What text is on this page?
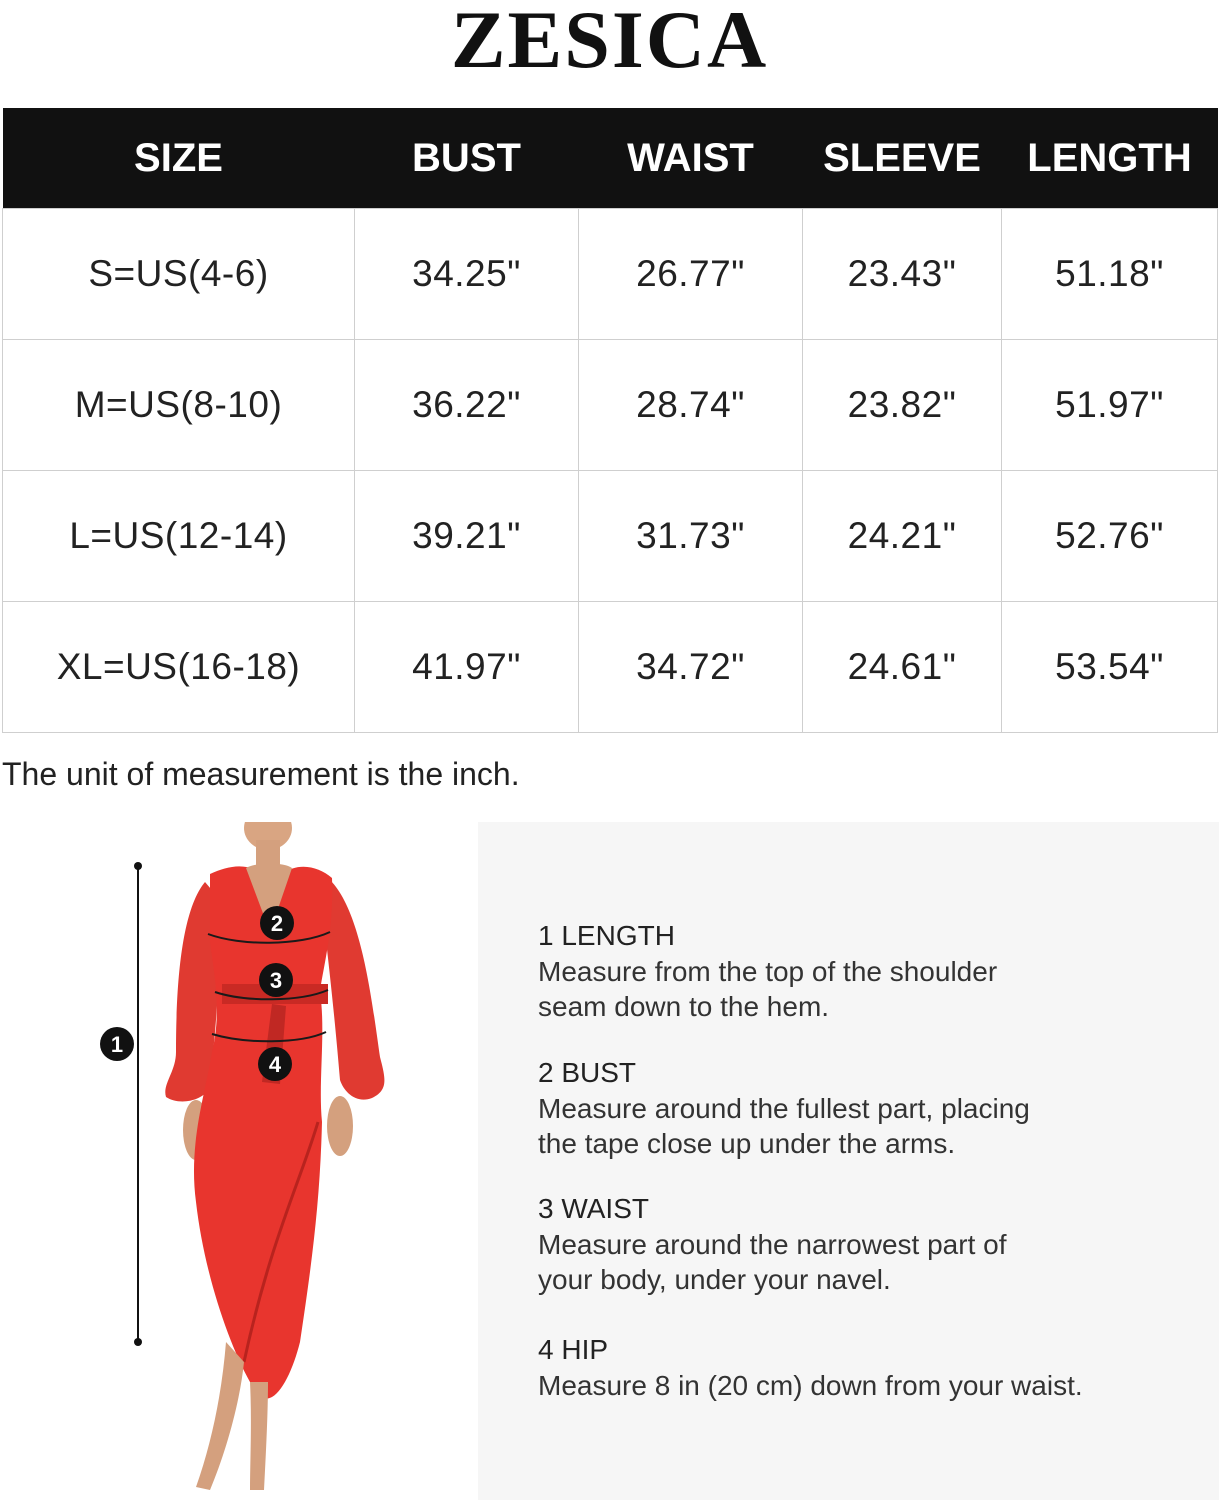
ZESICA
SIZE	BUST	WAIST	SLEEVE	LENGTH
S=US(4-6)	34.25"	26.77"	23.43"	51.18"
M=US(8-10)	36.22"	28.74"	23.82"	51.97"
L=US(12-14)	39.21"	31.73"	24.21"	52.76"
XL=US(16-18)	41.97"	34.72"	24.61"	53.54"
The unit of measurement is the inch.
1
2
3
4
1 LENGTH
Measure from the top of the shoulder
seam down to the hem.
2 BUST
Measure around the fullest part, placing
the tape close up under the arms.
3 WAIST
Measure around the narrowest part of
your body, under your navel.
4 HIP
Measure 8 in (20 cm) down from your waist.
